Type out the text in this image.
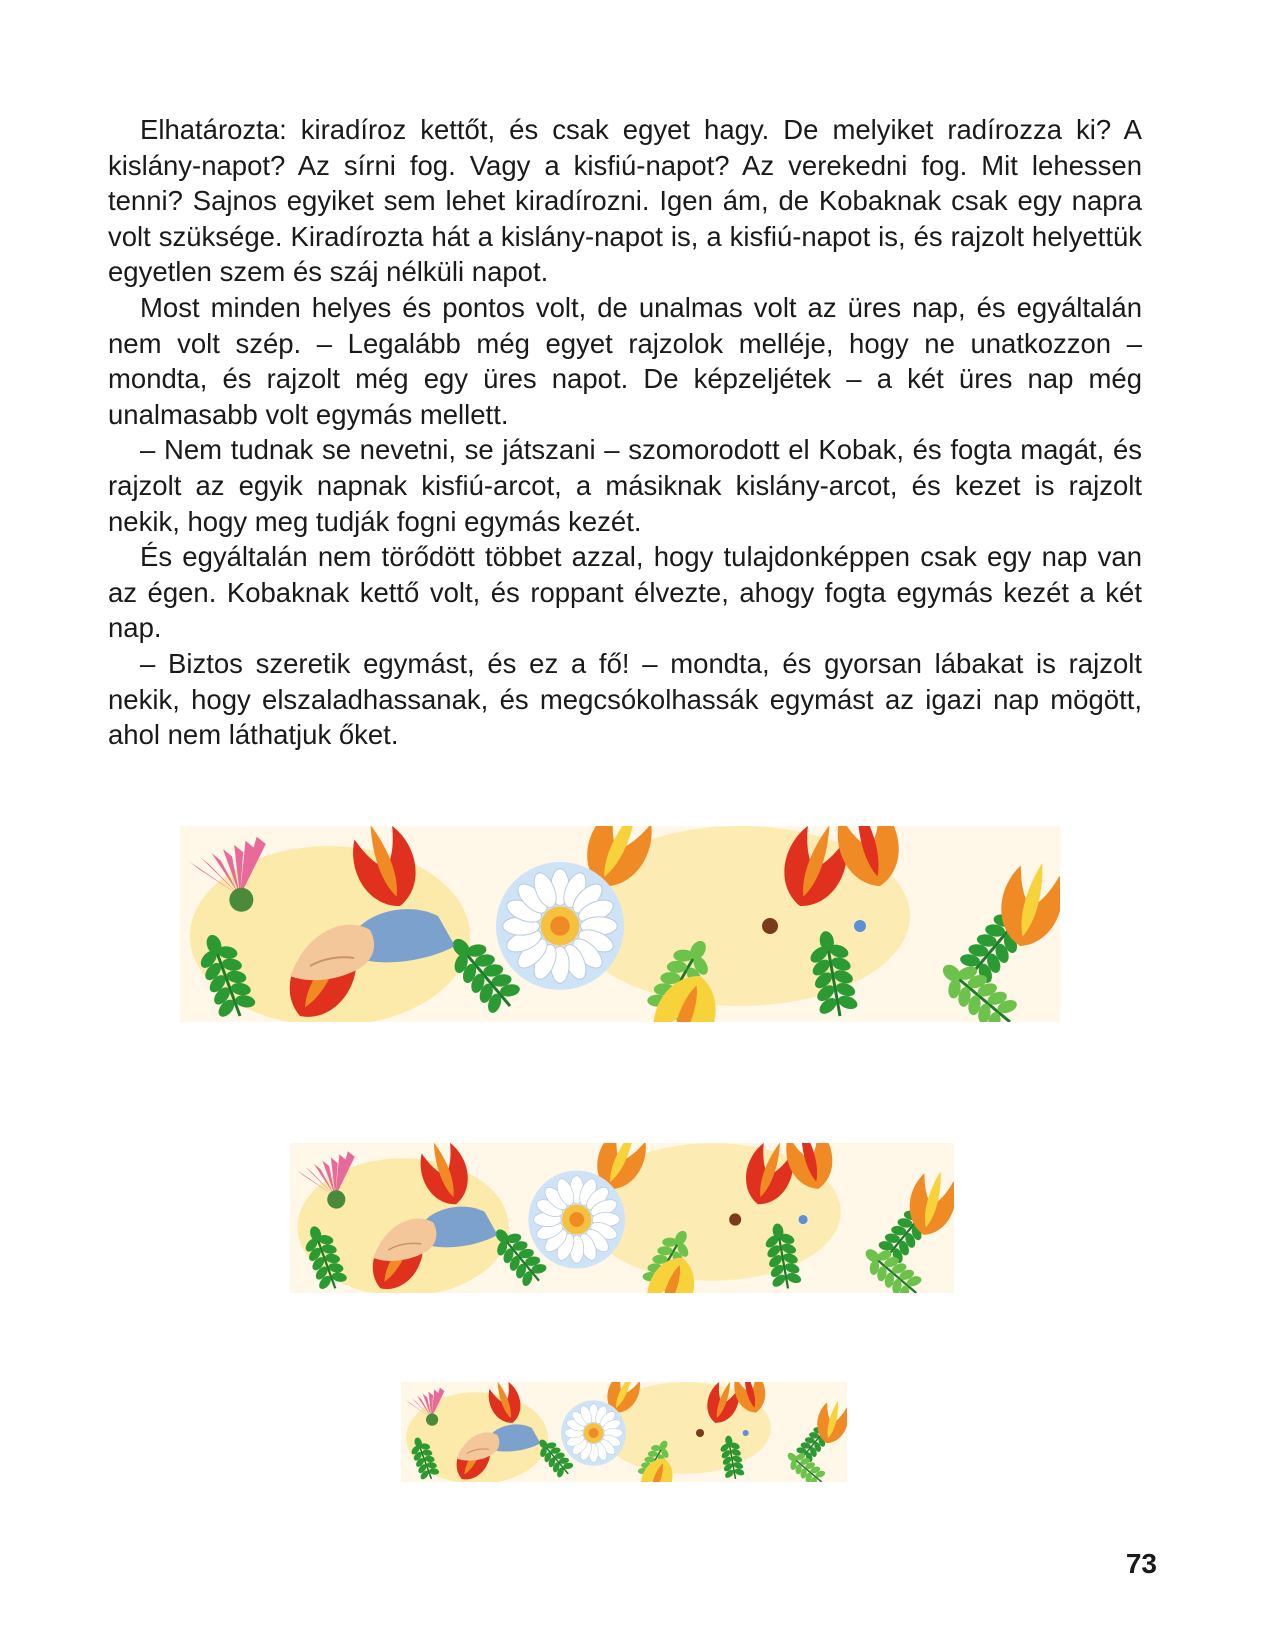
Elhatározta: kiradíroz kettőt, és csak egyet hagy. De melyiket radírozza ki? A kislány-napot? Az sírni fog. Vagy a kisfiú-napot? Az verekedni fog. Mit lehessen tenni? Sajnos egyiket sem lehet kiradírozni. Igen ám, de Kobaknak csak egy napra volt szüksége. Kiradírozta hát a kislány-napot is, a kisfiú-napot is, és rajzolt helyettük egyetlen szem és száj nélküli napot.

Most minden helyes és pontos volt, de unalmas volt az üres nap, és egyáltalán nem volt szép. – Legalább még egyet rajzolok melléje, hogy ne unatkozzon – mondta, és rajzolt még egy üres napot. De képzeljétek – a két üres nap még unalmasabb volt egymás mellett.

– Nem tudnak se nevetni, se játszani – szomorodott el Kobak, és fogta magát, és rajzolt az egyik napnak kisfiú-arcot, a másiknak kislány-arcot, és kezet is rajzolt nekik, hogy meg tudják fogni egymás kezét.

És egyáltalán nem törődött többet azzal, hogy tulajdonképpen csak egy nap van az égen. Kobaknak kettő volt, és roppant élvezte, ahogy fogta egymás kezét a két nap.

– Biztos szeretik egymást, és ez a fő! – mondta, és gyorsan lábakat is rajzolt nekik, hogy elszaladhassanak, és megcsókolhassák egymást az igazi nap mögött, ahol nem láthatjuk őket.

73
